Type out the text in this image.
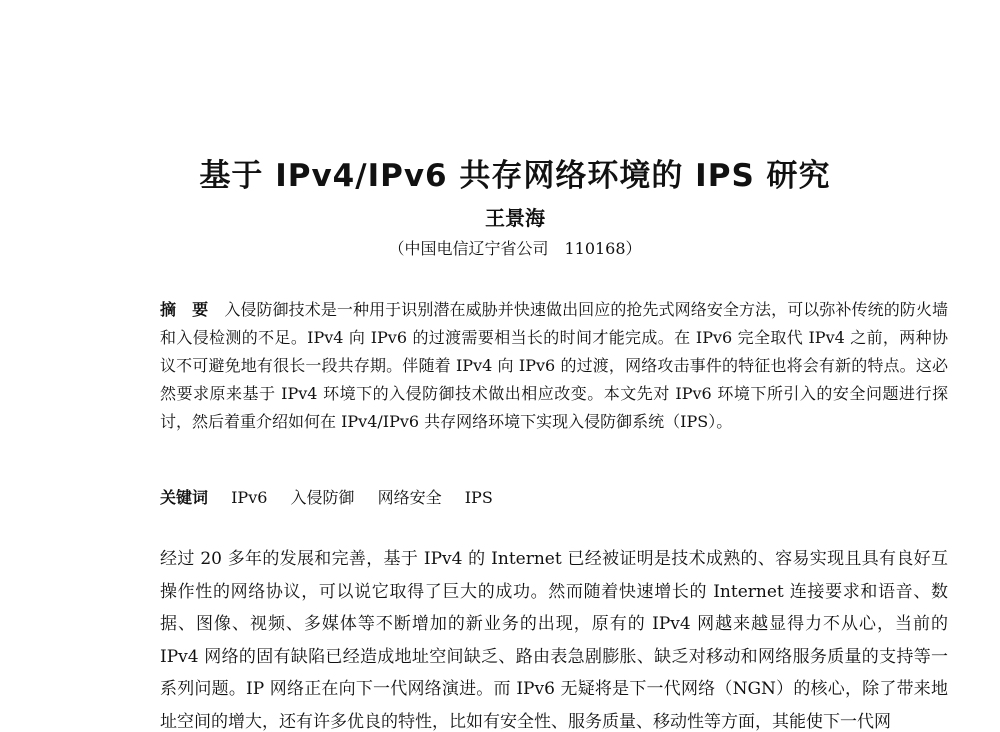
基于 IPv4/IPv6 共存网络环境的 IPS 研究
王景海
（中国电信辽宁省公司　110168）
摘　要　 入侵防御技术是一种用于识别潜在威胁并快速做出回应的抢先式网络安全方法，可以弥补传统的防火墙和入侵检测的不足。IPv4 向 IPv6 的过渡需要相当长的时间才能完成。在 IPv6 完全取代 IPv4 之前，两种协议不可避免地有很长一段共存期。伴随着 IPv4 向 IPv6 的过渡，网络攻击事件的特征也将会有新的特点。这必然要求原来基于 IPv4 环境下的入侵防御技术做出相应改变。本文先对 IPv6 环境下所引入的安全问题进行探讨，然后着重介绍如何在 IPv4/IPv6 共存网络环境下实现入侵防御系统（IPS）。
关键词 IPv6 入侵防御 网络安全 IPS
经过 20 多年的发展和完善，基于 IPv4 的 Internet 已经被证明是技术成熟的、容易实现且具有良好互操作性的网络协议，可以说它取得了巨大的成功。然而随着快速增长的 Internet 连接要求和语音、数据、图像、视频、多媒体等不断增加的新业务的出现，原有的 IPv4 网越来越显得力不从心，当前的 IPv4 网络的固有缺陷已经造成地址空间缺乏、路由表急剧膨胀、缺乏对移动和网络服务质量的支持等一系列问题。IP 网络正在向下一代网络演进。而 IPv6 无疑将是下一代网络（NGN）的核心，除了带来地址空间的增大，还有许多优良的特性，比如有安全性、服务质量、移动性等方面，其能使下一代网
